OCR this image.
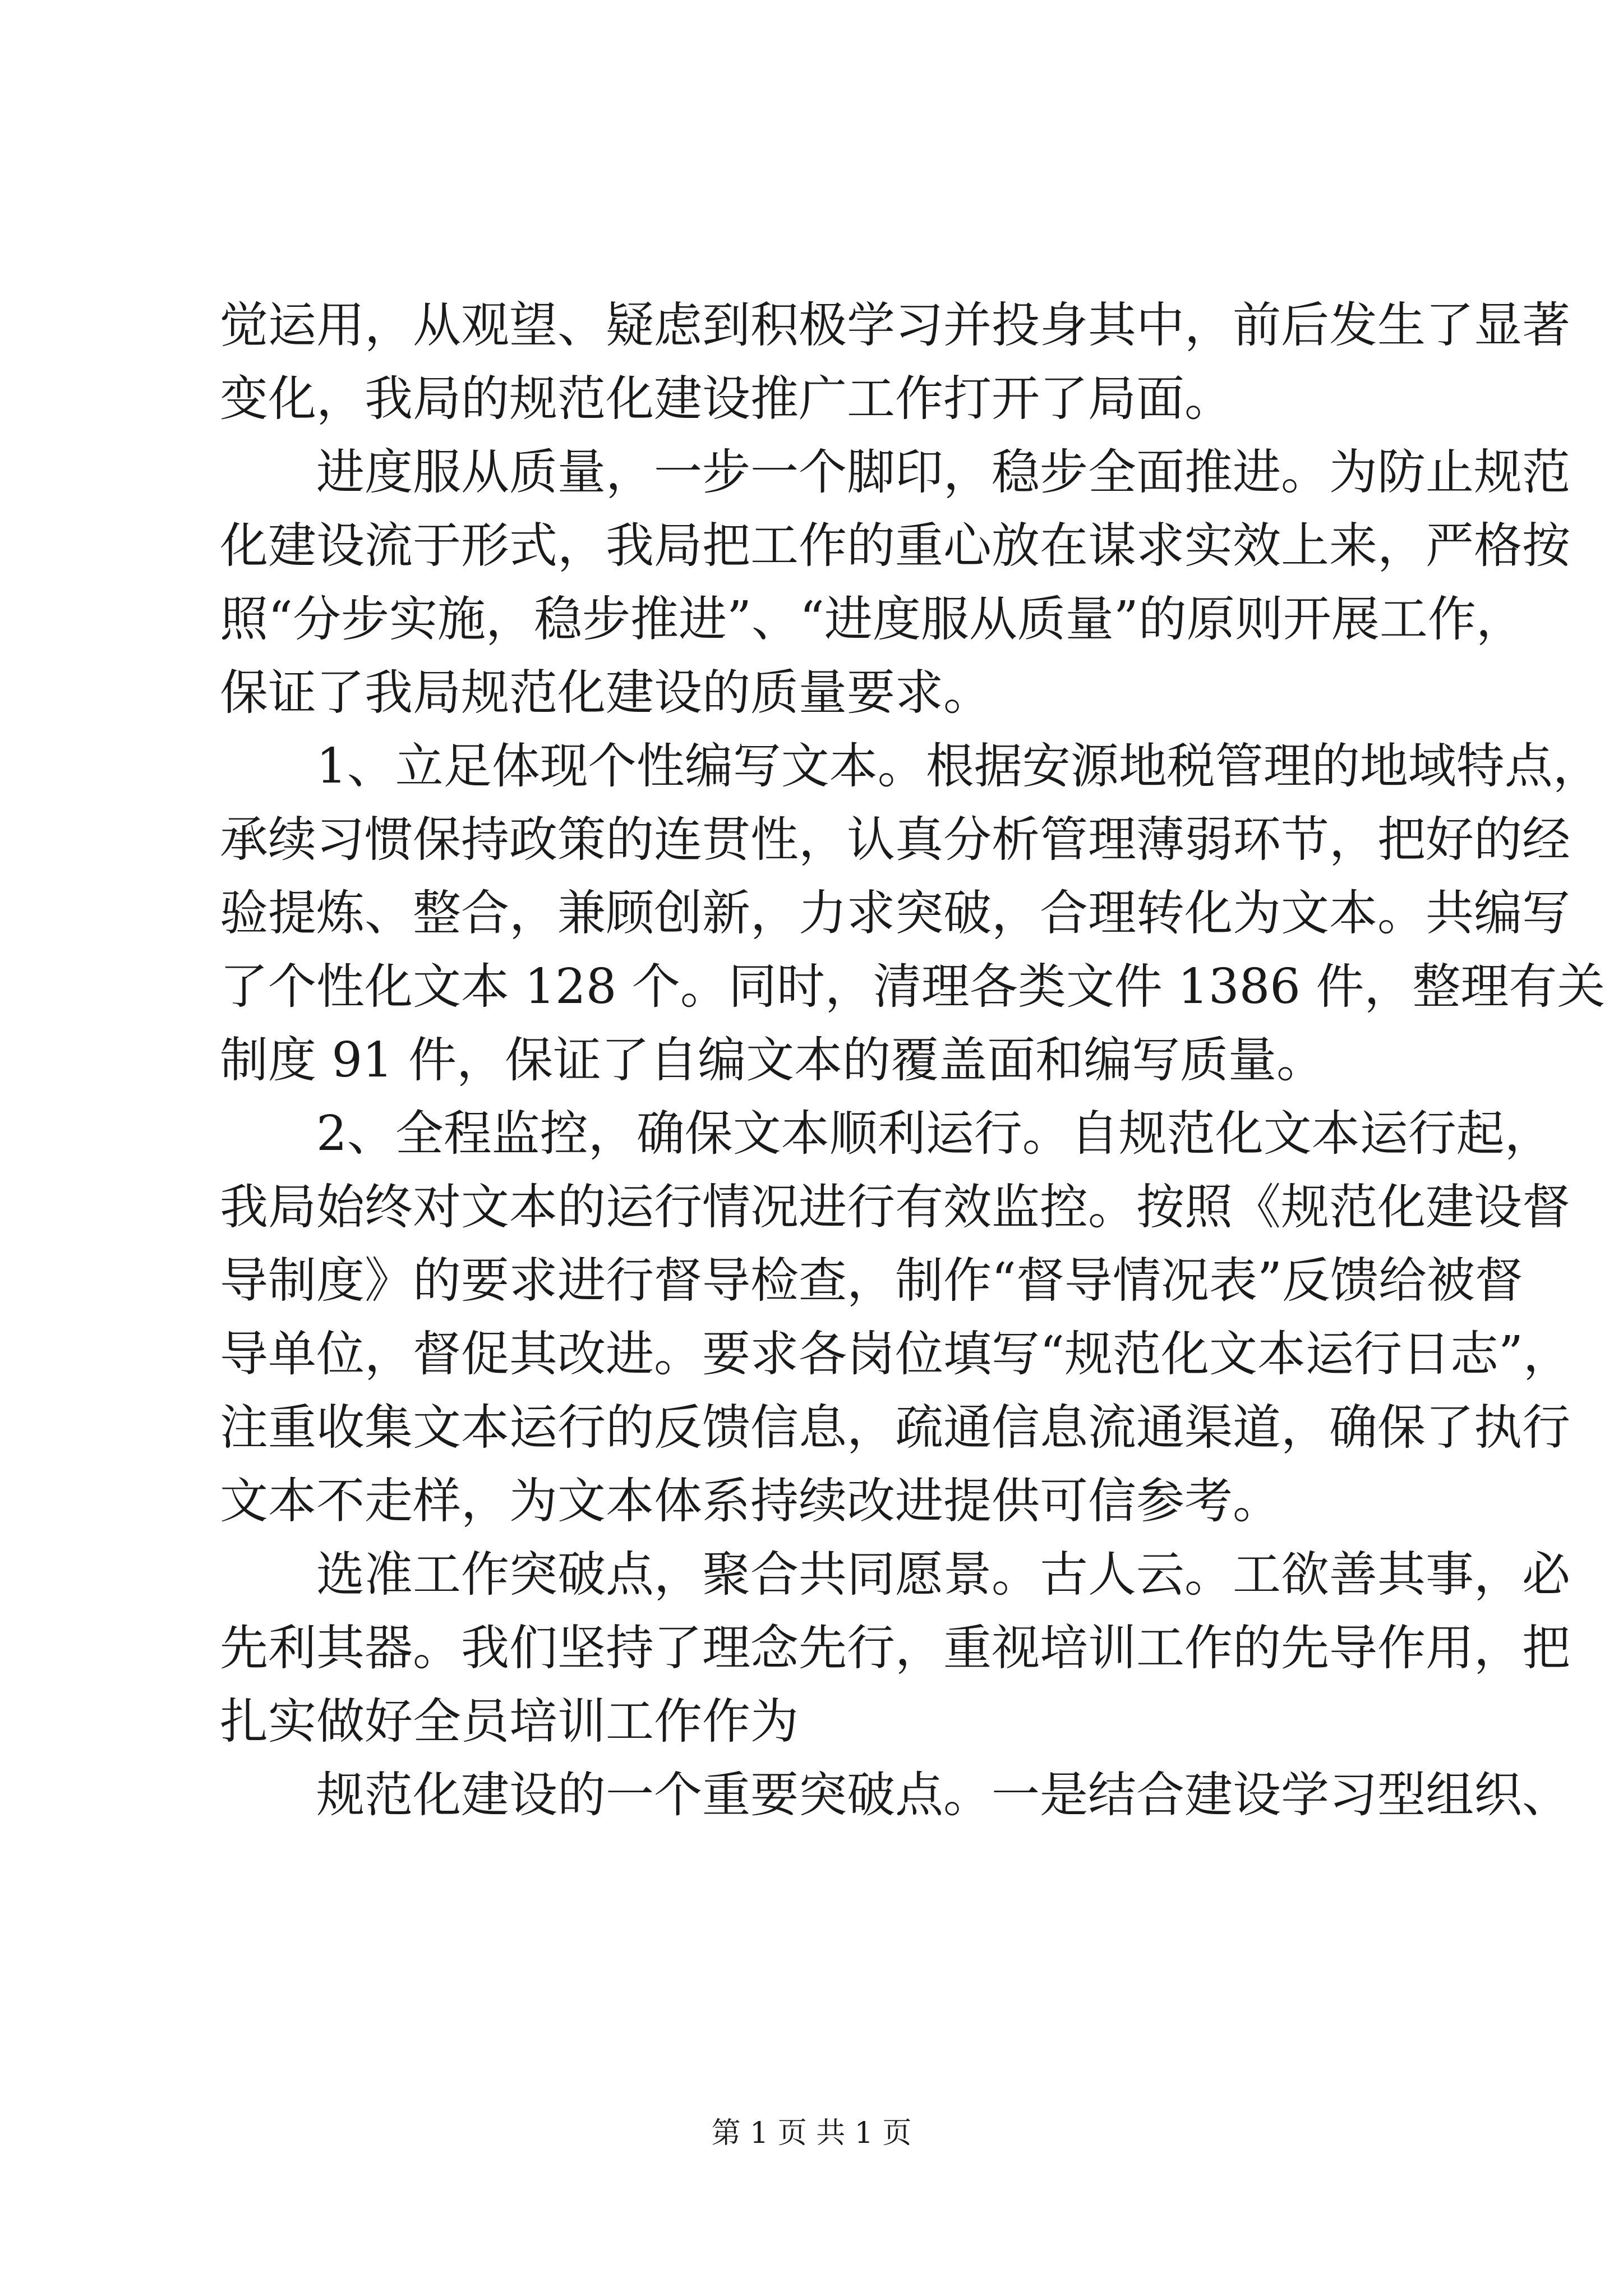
觉运用，从观望、疑虑到积极学习并投身其中，前后发生了显著
变化，我局的规范化建设推广工作打开了局面。
进度服从质量，一步一个脚印，稳步全面推进。为防止规范
化建设流于形式，我局把工作的重心放在谋求实效上来，严格按
照“分步实施，稳步推进”、“进度服从质量”的原则开展工作，
保证了我局规范化建设的质量要求。
1、立足体现个性编写文本。根据安源地税管理的地域特点，
承续习惯保持政策的连贯性，认真分析管理薄弱环节，把好的经
验提炼、整合，兼顾创新，力求突破，合理转化为文本。共编写
了个性化文本 128 个。同时，清理各类文件 1386 件，整理有关
制度 91 件，保证了自编文本的覆盖面和编写质量。
2、全程监控，确保文本顺利运行。自规范化文本运行起，
我局始终对文本的运行情况进行有效监控。按照《规范化建设督
导制度》的要求进行督导检查，制作“督导情况表”反馈给被督
导单位，督促其改进。要求各岗位填写“规范化文本运行日志”，
注重收集文本运行的反馈信息，疏通信息流通渠道，确保了执行
文本不走样，为文本体系持续改进提供可信参考。
选准工作突破点，聚合共同愿景。古人云。工欲善其事，必
先利其器。我们坚持了理念先行，重视培训工作的先导作用，把
扎实做好全员培训工作作为
规范化建设的一个重要突破点。一是结合建设学习型组织、
第 1 页 共 1 页
